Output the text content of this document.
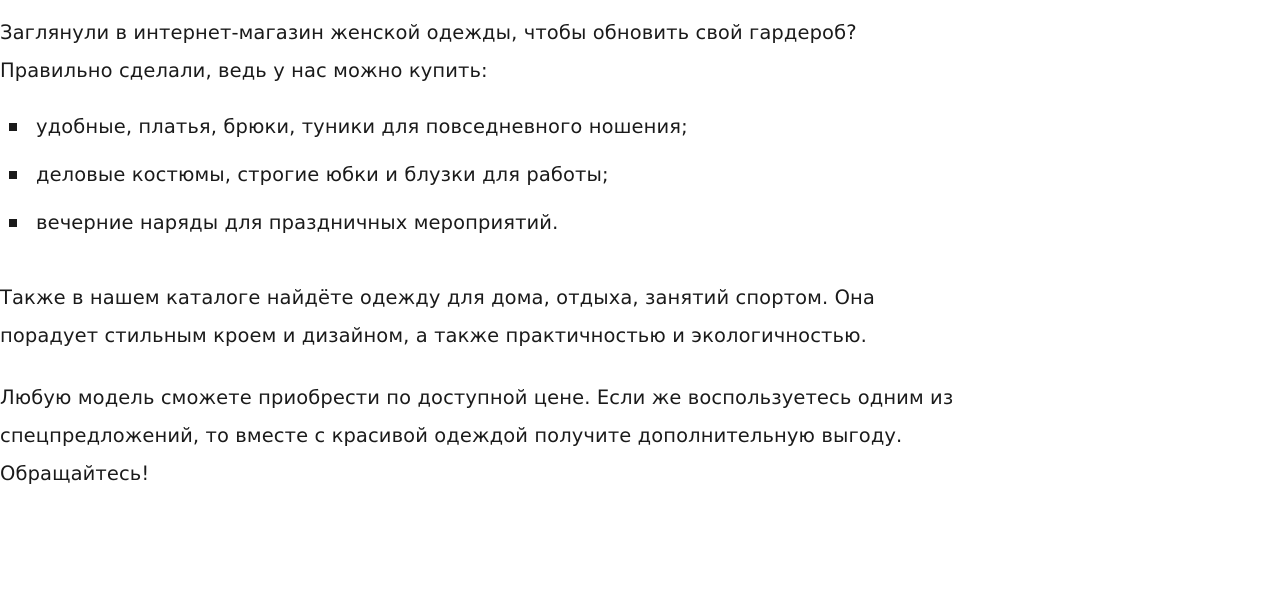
Заглянули в интернет-магазин женской одежды, чтобы обновить свой гардероб?
Правильно сделали, ведь у нас можно купить:

удобные, платья, брюки, туники для повседневного ношения;
деловые костюмы, строгие юбки и блузки для работы;
вечерние наряды для праздничных мероприятий.

Также в нашем каталоге найдёте одежду для дома, отдыха, занятий спортом. Она
порадует стильным кроем и дизайном, а также практичностью и экологичностью.

Любую модель сможете приобрести по доступной цене. Если же воспользуетесь одним из
спецпредложений, то вместе с красивой одеждой получите дополнительную выгоду.
Обращайтесь!
